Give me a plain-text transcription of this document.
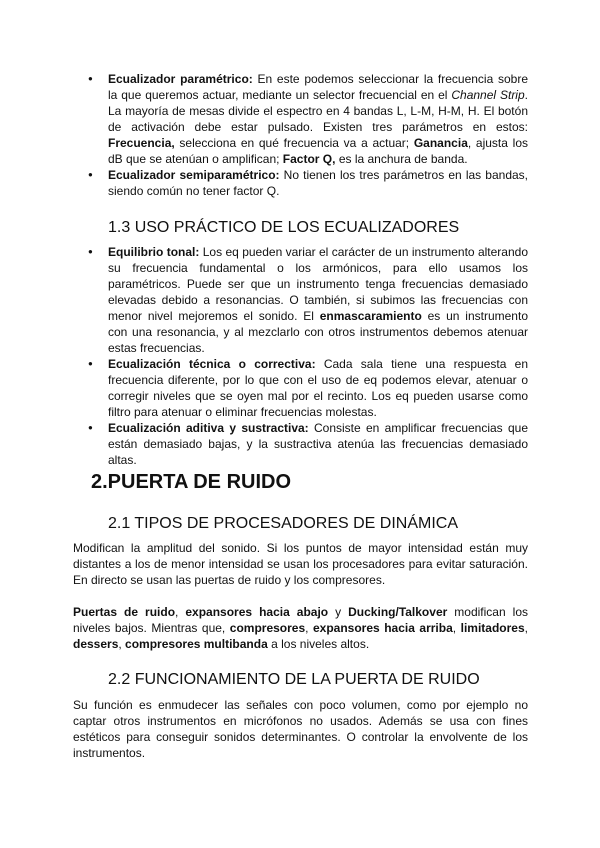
● Ecualizador paramétrico: En este podemos seleccionar la frecuencia sobre la que queremos actuar, mediante un selector frecuencial en el Channel Strip. La mayoría de mesas divide el espectro en 4 bandas L, L-M, H-M, H. El botón de activación debe estar pulsado. Existen tres parámetros en estos: Frecuencia, selecciona en qué frecuencia va a actuar; Ganancia, ajusta los dB que se atenúan o amplifican; Factor Q, es la anchura de banda.
● Ecualizador semiparamétrico: No tienen los tres parámetros en las bandas, siendo común no tener factor Q.
1.3 USO PRÁCTICO DE LOS ECUALIZADORES
● Equilibrio tonal: Los eq pueden variar el carácter de un instrumento alterando su frecuencia fundamental o los armónicos, para ello usamos los paramétricos. Puede ser que un instrumento tenga frecuencias demasiado elevadas debido a resonancias. O también, si subimos las frecuencias con menor nivel mejoremos el sonido. El enmascaramiento es un instrumento con una resonancia, y al mezclarlo con otros instrumentos debemos atenuar estas frecuencias.
● Ecualización técnica o correctiva: Cada sala tiene una respuesta en frecuencia diferente, por lo que con el uso de eq podemos elevar, atenuar o corregir niveles que se oyen mal por el recinto. Los eq pueden usarse como filtro para atenuar o eliminar frecuencias molestas.
● Ecualización aditiva y sustractiva: Consiste en amplificar frecuencias que están demasiado bajas, y la sustractiva atenúa las frecuencias demasiado altas.
2.PUERTA DE RUIDO
2.1 TIPOS DE PROCESADORES DE DINÁMICA

Modifican la amplitud del sonido. Si los puntos de mayor intensidad están muy distantes a los de menor intensidad se usan los procesadores para evitar saturación. En directo se usan las puertas de ruido y los compresores.

Puertas de ruido, expansores hacia abajo y Ducking/Talkover modifican los niveles bajos. Mientras que, compresores, expansores hacia arriba, limitadores, dessers, compresores multibanda a los niveles altos.

2.2 FUNCIONAMIENTO DE LA PUERTA DE RUIDO

Su función es enmudecer las señales con poco volumen, como por ejemplo no captar otros instrumentos en micrófonos no usados. Además se usa con fines estéticos para conseguir sonidos determinantes. O controlar la envolvente de los instrumentos.
